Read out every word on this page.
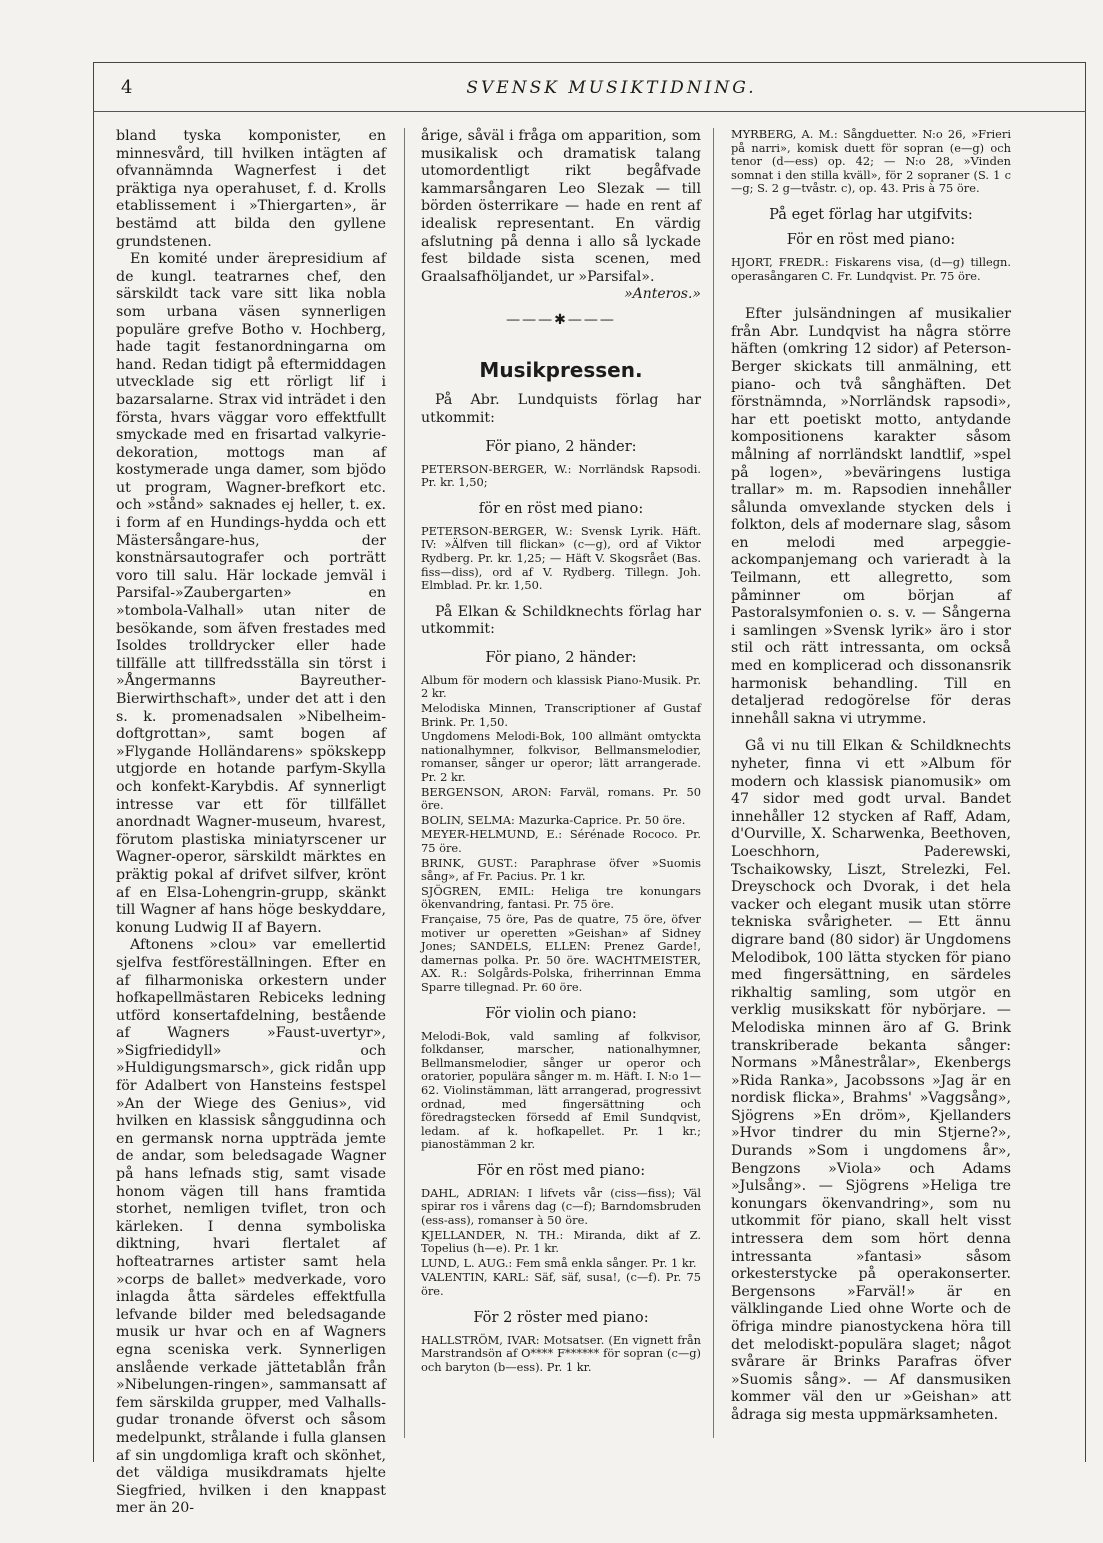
4	SVENSK MUSIKTIDNING.

bland tyska komponister, en minnesvård, till hvilken intägten af ofvannämnda Wagnerfest i det präktiga nya operahuset, f. d. Krolls etablissement i »Thiergarten», är bestämd att bilda den gyllene grundstenen.

En komité under ärepresidium af de kungl. teatrarnes chef, den särskildt tack vare sitt lika nobla som urbana väsen synnerligen populäre grefve Botho v. Hochberg, hade tagit festanordningarna om hand. Redan tidigt på eftermiddagen utvecklade sig ett rörligt lif i bazarsalarne. Strax vid inträdet i den första, hvars väggar voro effektfullt smyckade med en frisartad valkyrie-dekoration, mottogs man af kostymerade unga damer, som bjödo ut program, Wagner-brefkort etc. och »stånd» saknades ej heller, t. ex. i form af en Hundings-hydda och ett Mästersångare-hus, der konstnärsautografer och porträtt voro till salu. Här lockade jemväl i Parsifal-»Zaubergarten» en »tombola-Valhall» utan niter de besökande, som äfven frestades med Isoldes trolldrycker eller hade tillfälle att tillfredsställa sin törst i »Ångermanns Bayreuther-Bierwirthschaft», under det att i den s. k. promenadsalen »Nibelheim-doftgrottan», samt bogen af »Flygande Holländarens» spökskepp utgjorde en hotande parfym-Skylla och konfekt-Karybdis. Af synnerligt intresse var ett för tillfället anordnadt Wagner-museum, hvarest, förutom plastiska miniatyrscener ur Wagner-operor, särskildt märktes en präktig pokal af drifvet silfver, krönt af en Elsa-Lohengrin-grupp, skänkt till Wagner af hans höge beskyddare, konung Ludwig II af Bayern.

Aftonens »clou» var emellertid sjelfva festföreställningen. Efter en af filharmoniska orkestern under hofkapellmästaren Rebiceks ledning utförd konsertafdelning, bestående af Wagners »Faust-uvertyr», »Sigfriedidyll» och »Huldigungsmarsch», gick ridån upp för Adalbert von Hansteins festspel »An der Wiege des Genius», vid hvilken en klassisk sånggudinna och en germansk norna uppträda jemte de andar, som beledsagade Wagner på hans lefnads stig, samt visade honom vägen till hans framtida storhet, nemligen tviflet, tron och kärleken. I denna symboliska diktning, hvari flertalet af hofteatrarnes artister samt hela »corps de ballet» medverkade, voro inlagda åtta särdeles effektfulla lefvande bilder med beledsagande musik ur hvar och en af Wagners egna sceniska verk. Synnerligen anslående verkade jättetablån från »Nibelungen-ringen», sammansatt af fem särskilda grupper, med Valhalls-gudar tronande öfverst och såsom medelpunkt, strålande i fulla glansen af sin ungdomliga kraft och skönhet, det väldiga musikdramats hjelte Siegfried, hvilken i den knappast mer än 20-

årige, såväl i fråga om apparition, som musikalisk och dramatisk talang utomordentligt rikt begåfvade kammarsångaren Leo Slezak — till börden österrikare — hade en rent af idealisk representant. En värdig afslutning på denna i allo så lyckade fest bildade sista scenen, med Graalsafhöljandet, ur »Parsifal».

»Anteros.»

———✱———
Musikpressen.

På Abr. Lundquists förlag har utkommit:

För piano, 2 händer:

PETERSON-BERGER, W.: Norrländsk Rapsodi. Pr. kr. 1,50;

för en röst med piano:

PETERSON-BERGER, W.: Svensk Lyrik. Häft. IV: »Älfven till flickan» (c—g), ord af Viktor Rydberg. Pr. kr. 1,25; — Häft V. Skogsrået (Bas. fiss—diss), ord af V. Rydberg. Tillegn. Joh. Elmblad. Pr. kr. 1,50.

På Elkan & Schildknechts förlag har utkommit:

För piano, 2 händer:

Album för modern och klassisk Piano-Musik. Pr. 2 kr.

Melodiska Minnen, Transcriptioner af Gustaf Brink. Pr. 1,50.

Ungdomens Melodi-Bok, 100 allmänt omtyckta nationalhymner, folkvisor, Bellmansmelodier, romanser, sånger ur operor; lätt arrangerade. Pr. 2 kr.

BERGENSON, ARON: Farväl, romans. Pr. 50 öre.

BOLIN, SELMA: Mazurka-Caprice. Pr. 50 öre.

MEYER-HELMUND, E.: Sérénade Rococo. Pr. 75 öre.

BRINK, GUST.: Paraphrase öfver »Suomis sång», af Fr. Pacius. Pr. 1 kr.

SJÖGREN, EMIL: Heliga tre konungars ökenvandring, fantasi. Pr. 75 öre.

Française, 75 öre, Pas de quatre, 75 öre, öfver motiver ur operetten »Geishan» af Sidney Jones; SANDELS, ELLEN: Prenez Garde!, damernas polka. Pr. 50 öre. WACHTMEISTER, AX. R.: Solgårds-Polska, friherrinnan Emma Sparre tillegnad. Pr. 60 öre.

För violin och piano:

Melodi-Bok, vald samling af folkvisor, folkdanser, marscher, nationalhymner, Bellmansmelodier, sånger ur operor och oratorier, populära sånger m. m. Häft. I. N:o 1—62. Violinstämman, lätt arrangerad, progressivt ordnad, med fingersättning och föredragstecken försedd af Emil Sundqvist, ledam. af k. hofkapellet. Pr. 1 kr.; pianostämman 2 kr.

För en röst med piano:

DAHL, ADRIAN: I lifvets vår (ciss—fiss); Väl spirar ros i vårens dag (c—f); Barndomsbruden (ess-ass), romanser à 50 öre.

KJELLANDER, N. TH.: Miranda, dikt af Z. Topelius (h—e). Pr. 1 kr.

LUND, L. AUG.: Fem små enkla sånger. Pr. 1 kr.

VALENTIN, KARL: Säf, säf, susa!, (c—f). Pr. 75 öre.

För 2 röster med piano:

HALLSTRÖM, IVAR: Motsatser. (En vignett från Marstrandsön af O**** F****** för sopran (c—g) och baryton (b—ess). Pr. 1 kr.

MYRBERG, A. M.: Sångduetter. N:o 26, »Frieri på narri», komisk duett för sopran (e—g) och tenor (d—ess) op. 42; — N:o 28, »Vinden somnat i den stilla kväll», för 2 sopraner (S. 1 c—g; S. 2 g—tvåstr. c), op. 43. Pris à 75 öre.

På eget förlag har utgifvits:
För en röst med piano:

HJORT, FREDR.: Fiskarens visa, (d—g) tillegn. operasångaren C. Fr. Lundqvist. Pr. 75 öre.

Efter julsändningen af musikalier från Abr. Lundqvist ha några större häften (omkring 12 sidor) af Peterson-Berger skickats till anmälning, ett piano- och två sånghäften. Det förstnämnda, »Norrländsk rapsodi», har ett poetiskt motto, antydande kompositionens karakter såsom målning af norrländskt landtlif, »spel på logen», »beväringens lustiga trallar» m. m. Rapsodien innehåller sålunda omvexlande stycken dels i folkton, dels af modernare slag, såsom en melodi med arpeggie-ackompanjemang och varieradt à la Teilmann, ett allegretto, som påminner om början af Pastoralsymfonien o. s. v. — Sångerna i samlingen »Svensk lyrik» äro i stor stil och rätt intressanta, om också med en komplicerad och dissonansrik harmonisk behandling. Till en detaljerad redogörelse för deras innehåll sakna vi utrymme.

Gå vi nu till Elkan & Schildknechts nyheter, finna vi ett »Album för modern och klassisk pianomusik» om 47 sidor med godt urval. Bandet innehåller 12 stycken af Raff, Adam, d'Ourville, X. Scharwenka, Beethoven, Loeschhorn, Paderewski, Tschaikowsky, Liszt, Strelezki, Fel. Dreyschock och Dvorak, i det hela vacker och elegant musik utan större tekniska svårigheter. — Ett ännu digrare band (80 sidor) är Ungdomens Melodibok, 100 lätta stycken för piano med fingersättning, en särdeles rikhaltig samling, som utgör en verklig musikskatt för nybörjare. — Melodiska minnen äro af G. Brink transkriberade bekanta sånger: Normans »Månestrålar», Ekenbergs »Rida Ranka», Jacobssons »Jag är en nordisk flicka», Brahms' »Vaggsång», Sjögrens »En dröm», Kjellanders »Hvor tindrer du min Stjerne?», Durands »Som i ungdomens år», Bengzons »Viola» och Adams »Julsång». — Sjögrens »Heliga tre konungars ökenvandring», som nu utkommit för piano, skall helt visst intressera dem som hört denna intressanta »fantasi» såsom orkesterstycke på operakonserter. Bergensons »Farväl!» är en välklingande Lied ohne Worte och de öfriga mindre pianostyckena höra till det melodiskt-populära slaget; något svårare är Brinks Parafras öfver »Suomis sång». — Af dansmusiken kommer väl den ur »Geishan» att ådraga sig mesta uppmärksamheten.
